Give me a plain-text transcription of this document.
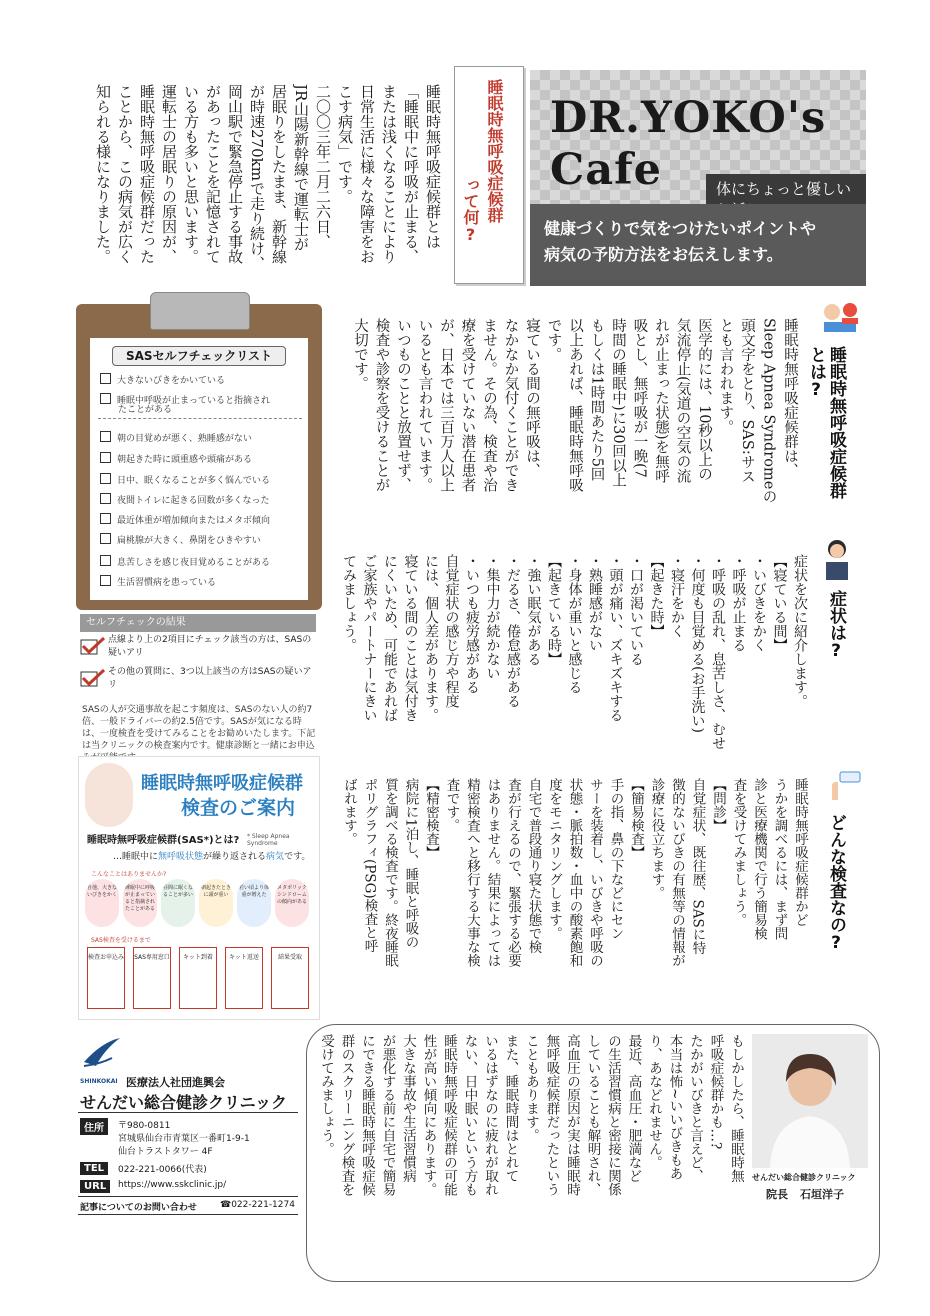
DR.YOKO's
Cafe	体にちょっと優しい
健康づくりで気をつけたいポイントや
病気の予防方法をお伝えします。
睡眠時無呼吸症候群
って何?
睡眠時無呼吸症候群とは
「睡眠中に呼吸が止まる、
または浅くなることにより
日常生活に様々な障害をお
こす病気」です。
二〇〇三年二月二六日、
JR山陽新幹線で運転士が
居眠りをしたまま、新幹線
が時速270kmで走り続け、
岡山駅で緊急停止する事故
があったことを記憶されて
いる方も多いと思います。
運転士の居眠りの原因が、
睡眠時無呼吸症候群だった
ことから、この病気が広く
知られる様になりました。
睡眠時無呼吸症候群
とは?
睡眠時無呼吸症候群は、
Sleep Apnea Syndromeの
頭文字をとり、SAS:サス
とも言われます。
医学的には、10秒以上の
気流停止(気道の空気の流
れが止まった状態)を無呼
吸とし、無呼吸が一晩(7
時間の睡眠中)に30回以上
もしくは1時間あたり5回
以上あれば、睡眠時無呼吸
です。
寝ている間の無呼吸は、
なかなか気付くことができ
ません。その為、検査や治
療を受けていない潜在患者
が、日本では三百万人以上
いるとも言われています。
いつものことと放置せず、
検査や診察を受けることが
大切です。
症状は?
症状を次に紹介します。
【寝ている間】
・いびきをかく
・呼吸が止まる
・呼吸の乱れ、息苦しさ、むせ
・何度も目覚める(お手洗い)
・寝汗をかく
【起きた時】
・口が渇いている
・頭が痛い、ズキズキする
・熟睡感がない
・身体が重いと感じる
【起きている時】
・強い眠気がある
・だるさ、倦怠感がある
・集中力が続かない
・いつも疲労感がある
自覚症状の感じ方や程度
には、個人差があります。
寝ている間のことは気付き
にくいため、可能であれば
ご家族やパートナーにきい
てみましょう。
どんな検査なの?
睡眠時無呼吸症候群かど
うかを調べるには、まず問
診と医療機関で行う簡易検
査を受けてみましょう。
【問診】
自覚症状、既往歴、SASに特
徴的ないびきの有無等の情報が
診療に役立ちます。
【簡易検査】
手の指、鼻の下などにセン
サーを装着し、いびきや呼吸の
状態・脈拍数・血中の酸素飽和
度をモニタリングします。
自宅で普段通り寝た状態で検
査が行えるので、緊張する必要
はありません。結果によっては
精密検査へと移行する大事な検
査です。
【精密検査】
病院に1泊し、睡眠と呼吸の
質を調べる検査です。終夜睡眠
ポリグラフィ(PSG)検査と呼
ばれます。
SASセルフチェックリスト
大きないびきをかいている
睡眠中呼吸が止まっていると指摘され
たことがある
朝の目覚めが悪く、熟睡感がない
朝起きた時に頭重感や頭痛がある
日中、眠くなることが多く悩んでいる
夜間トイレに起きる回数が多くなった
最近体重が増加傾向またはメタボ傾向
扁桃腺が大きく、鼻閉をひきやすい
息苦しさを感じ夜目覚めることがある
生活習慣病を患っている
セルフチェックの結果
点線より上の2項目にチェック該当の方は、SASの疑いアリ
その他の質問に、3つ以上該当の方はSASの疑いアリ
SASの人が交通事故を起こす頻度は、SASのない人の約7倍、一般ドライバーの約2.5倍です。SASが気になる時は、一度検査を受けてみることをお勧めいたします。下記は当クリニックの検査案内です。健康診断と一緒にお申込
睡眠時無呼吸症候群
検査のご案内
睡眠時無呼吸症候群(SAS*)とは? * Sleep Apnea Syndrome
…睡眠中に無呼吸状態が繰り返される病気です。
こんなことはありませんか?
自他、大きないびきをかく
睡眠中に呼吸が止まっていると指摘されたことがある
昼間に眠くなることが多い
朝起きたときに頭が重い
若い頃より体重が増えた
メタボリックシンドロームの傾向がある
SAS検査を受けるまで
検査お申込み SAS専用窓口	キット到着	キット返送	結果受取
SHINKOKAI 医療法人社団進興会
せんだい総合健診クリニック
住所	〒980-0811
宮城県仙台市青葉区一番町1-9-1
仙台トラストタワー 4F
TEL	022-221-0066(代表)
URL	https://www.sskclinic.jp/
記事についてのお問い合わせ	☎022-221-1274
せんだい総合健診クリニック
院長 石垣洋子
もしかしたら、睡眠時無
呼吸症候群かも…?
たかがいびきと言えど、
本当は怖~いいびきもあ
り、あなどれません。
最近、高血圧・肥満など
の生活習慣病と密接に関係
していることも解明され、
高血圧の原因が実は睡眠時
無呼吸症候群だったという
こともあります。
また、睡眠時間はとれて
いるはずなのに疲れが取れ
ない、日中眠いという方も
睡眠時無呼吸症候群の可能
性が高い傾向にあります。
大きな事故や生活習慣病
が悪化する前に自宅で簡易
にできる睡眠時無呼吸症候
群のスクリーニング検査を
受けてみましょう。
